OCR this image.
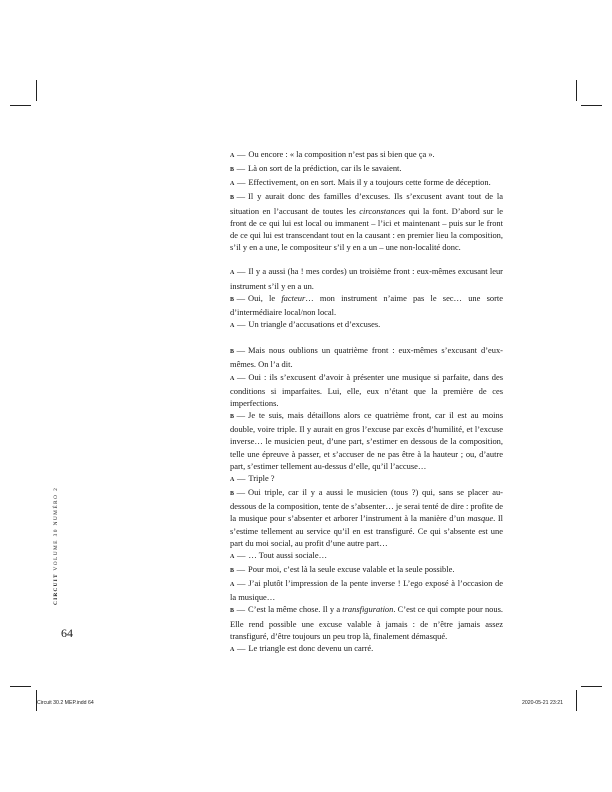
CIRCUIT VOLUME 30 NUMÉRO 2
64

A — Ou encore : « la composition n’est pas si bien que ça ».

B — Là on sort de la prédiction, car ils le savaient.

A — Effectivement, on en sort. Mais il y a toujours cette forme de déception.

B — Il y aurait donc des familles d’excuses. Ils s’excusent avant tout de la situation en l’accusant de toutes les circonstances qui la font. D’abord sur le front de ce qui lui est local ou immanent – l’ici et maintenant – puis sur le front de ce qui lui est transcendant tout en la causant : en premier lieu la composition, s’il y en a une, le compositeur s’il y en a un – une non-localité donc.

A — Il y a aussi (ha ! mes cordes) un troisième front : eux-mêmes excusant leur instrument s’il y en a un.

B — Oui, le facteur… mon instrument n’aime pas le sec… une sorte d’intermédiaire local/non local.

A — Un triangle d’accusations et d’excuses.

B — Mais nous oublions un quatrième front : eux-mêmes s’excusant d’eux-mêmes. On l’a dit.

A — Oui : ils s’excusent d’avoir à présenter une musique si parfaite, dans des conditions si imparfaites. Lui, elle, eux n’étant que la première de ces imperfections.

B — Je te suis, mais détaillons alors ce quatrième front, car il est au moins double, voire triple. Il y aurait en gros l’excuse par excès d’humilité, et l’excuse inverse… le musicien peut, d’une part, s’estimer en dessous de la composition, telle une épreuve à passer, et s’accuser de ne pas être à la hauteur ; ou, d’autre part, s’estimer tellement au-dessus d’elle, qu’il l’accuse…

A — Triple ?

B — Oui triple, car il y a aussi le musicien (tous ?) qui, sans se placer au-dessous de la composition, tente de s’absenter… je serai tenté de dire : profite de la musique pour s’absenter et arborer l’instrument à la manière d’un masque. Il s’estime tellement au service qu’il en est transfiguré. Ce qui s’absente est une part du moi social, au profit d’une autre part…

A — … Tout aussi sociale…

B — Pour moi, c’est là la seule excuse valable et la seule possible.

A — J’ai plutôt l’impression de la pente inverse ! L’ego exposé à l’occasion de la musique…

B — C’est la même chose. Il y a transfiguration. C’est ce qui compte pour nous. Elle rend possible une excuse valable à jamais : de n’être jamais assez transfiguré, d’être toujours un peu trop là, finalement démasqué.

A — Le triangle est donc devenu un carré.

Circuit 30.2 MEP.indd 64	2020-05-21 23:21
